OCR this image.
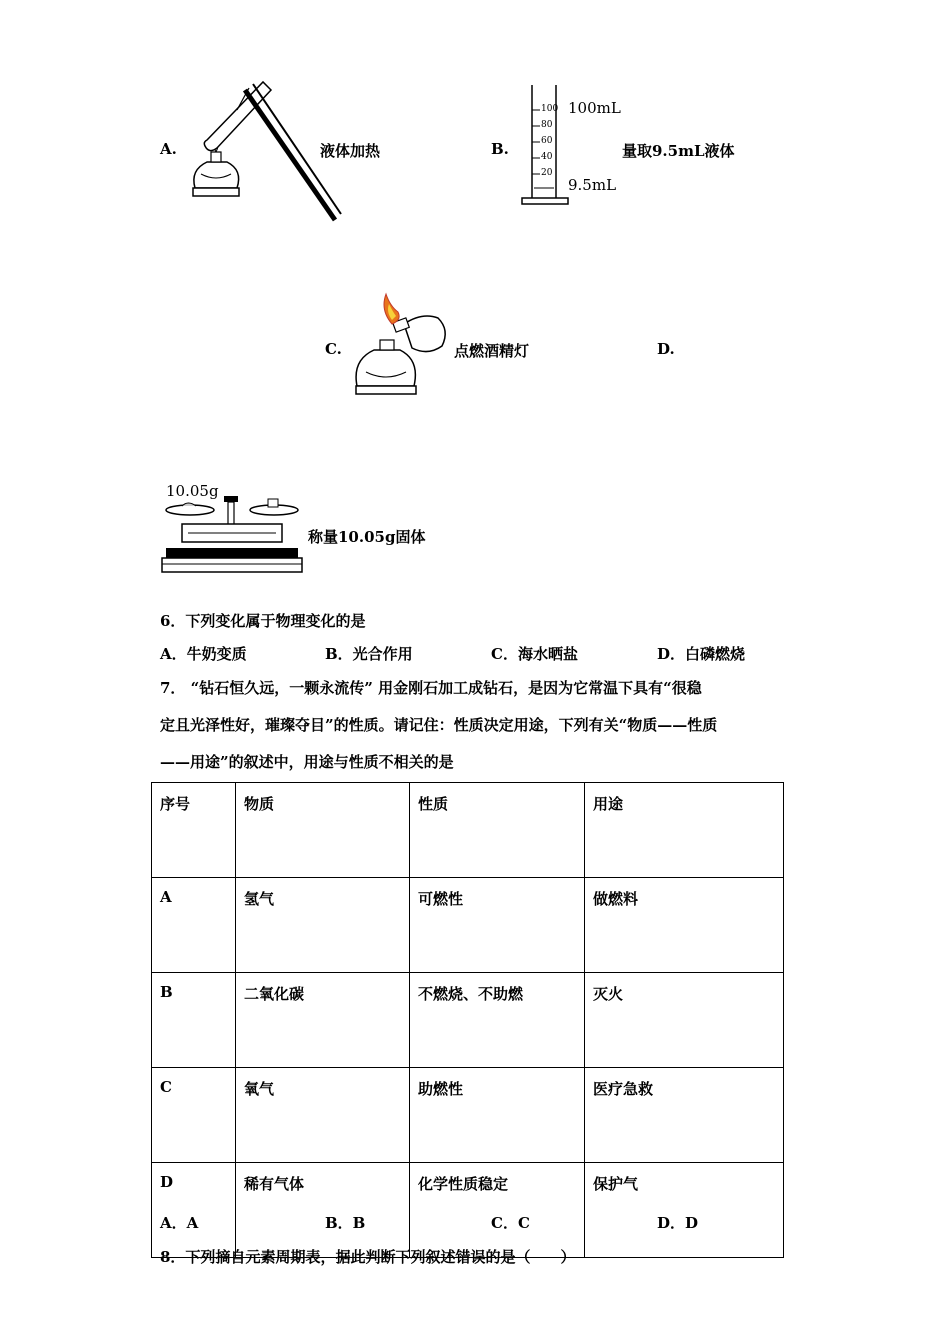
A.	液体加热	B.
100
80
60
40
20
100mL
9.5mL
量取9.5mL液体
C.	点燃酒精灯	D.
10.05g
称量10.05g固体
6．下列变化属于物理变化的是
A．牛奶变质	B．光合作用	C．海水晒盐	D．白磷燃烧
7． “钻石恒久远，一颗永流传” 用金刚石加工成钻石，是因为它常温下具有“很稳
定且光泽性好，璀璨夺目”的性质。请记住：性质决定用途，下列有关“物质——性质
——用途”的叙述中，用途与性质不相关的是
序号	物质	性质	用途
A	氢气	可燃性	做燃料
B	二氧化碳	不燃烧、不助燃	灭火
C	氧气	助燃性	医疗急救
D	稀有气体	化学性质稳定	保护气
A．A	B．B	C．C	D．D
8．下列摘自元素周期表，据此判断下列叙述错误的是（　　）
